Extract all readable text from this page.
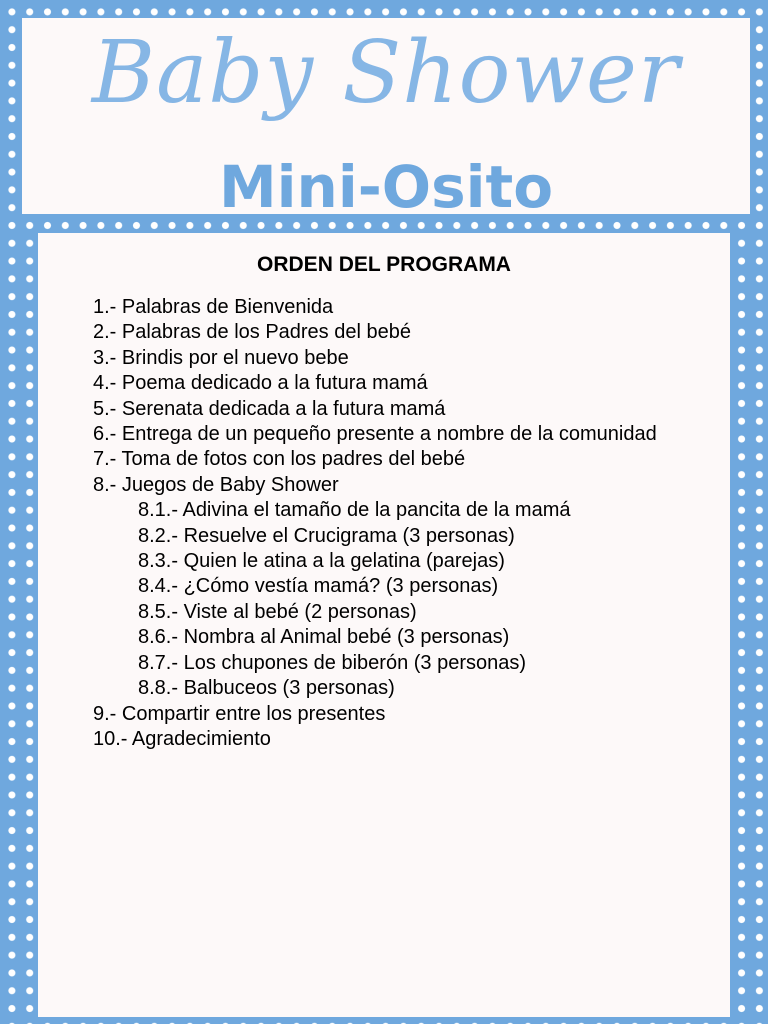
Baby Shower
Mini-Osito
ORDEN DEL PROGRAMA
1.- Palabras de Bienvenida
2.- Palabras de los Padres del bebé
3.- Brindis por el nuevo bebe
4.- Poema dedicado a la futura mamá
5.- Serenata dedicada a la futura mamá
6.- Entrega de un pequeño presente a nombre de la comunidad
7.- Toma de fotos con los padres del bebé
8.- Juegos de Baby Shower
8.1.- Adivina el tamaño de la pancita de la mamá
8.2.- Resuelve el Crucigrama (3 personas)
8.3.- Quien le atina a la gelatina (parejas)
8.4.- ¿Cómo vestía mamá? (3 personas)
8.5.- Viste al bebé (2 personas)
8.6.- Nombra al Animal bebé (3 personas)
8.7.- Los chupones de biberón (3 personas)
8.8.- Balbuceos (3 personas)
9.- Compartir entre los presentes
10.- Agradecimiento
